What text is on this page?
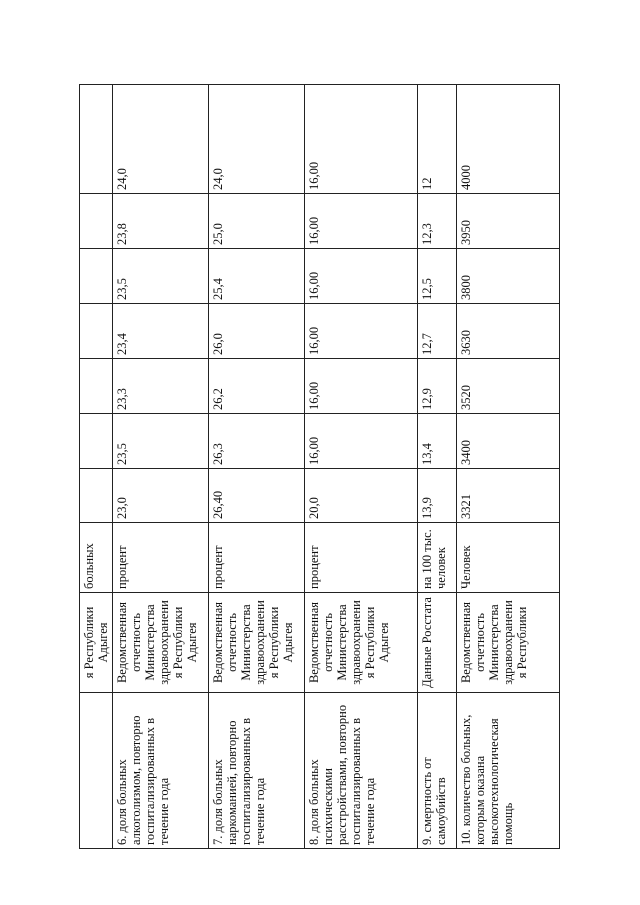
	я Республики Адыгея	больных							
6. доля больных алкоголизмом, повторно госпитализированных в течение года	Ведомственная отчетность Министерства здравоохранени я Республики Адыгея	процент	23,0	23,5	23,3	23,4	23,5	23,8	24,0
7. доля больных наркоманией, повторно госпитализированных в течение года	Ведомственная отчетность Министерства здравоохранени я Республики Адыгея	процент	26,40	26,3	26,2	26,0	25,4	25,0	24,0
8. доля больных психическими расстройствами, повторно госпитализированных в течение года	Ведомственная отчетность Министерства здравоохранени я Республики Адыгея	процент	20,0	16,00	16,00	16,00	16,00	16,00	16,00
9. смертность от самоубийств	Данные Росстата	на 100 тыс. человек	13,9	13,4	12,9	12,7	12,5	12,3	12
10. количество больных, которым оказана высокотехнологическая помощь	Ведомственная отчетность Министерства здравоохранени я Республики	Человек	3321	3400	3520	3630	3800	3950	4000
